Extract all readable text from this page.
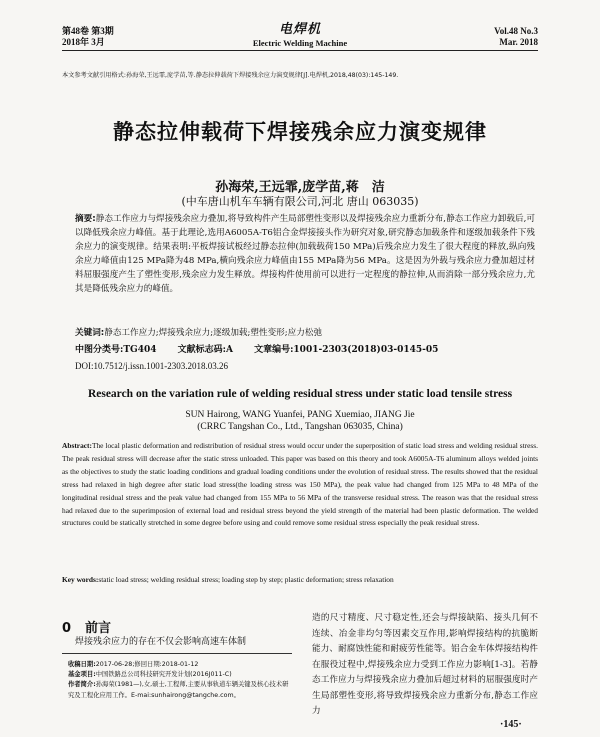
第48卷 第3期
2018年 3月
电焊机
Electric Welding Machine
Vol.48 No.3
Mar. 2018
本文参考文献引用格式:孙海荣,王远霏,庞学苗,等.静态拉伸载荷下焊接残余应力演变规律[J].电焊机,2018,48(03):145-149.
静态拉伸载荷下焊接残余应力演变规律
孙海荣,王远霏,庞学苗,蒋　洁
(中车唐山机车车辆有限公司,河北 唐山 063035)
摘要:静态工作应力与焊接残余应力叠加,将导致构件产生局部塑性变形以及焊接残余应力重新分布,静态工作应力卸载后,可以降低残余应力峰值。基于此理论,选用A6005A-T6铝合金焊接接头作为研究对象,研究静态加载条件和逐级加载条件下残余应力的演变规律。结果表明:平板焊接试板经过静态拉伸(加载载荷150 MPa)后残余应力发生了很大程度的释放,纵向残余应力峰值由125 MPa降为48 MPa,横向残余应力峰值由155 MPa降为56 MPa。这是因为外载与残余应力叠加超过材料屈服强度产生了塑性变形,残余应力发生释放。焊接构件使用前可以进行一定程度的静拉伸,从而消除一部分残余应力,尤其是降低残余应力的峰值。
关键词:静态工作应力;焊接残余应力;逐级加载;塑性变形;应力松弛
中图分类号:TG404 文献标志码:A 文章编号:1001-2303(2018)03-0145-05
DOI:10.7512/j.issn.1001-2303.2018.03.26
Research on the variation rule of welding residual stress under static load tensile stress
SUN Hairong, WANG Yuanfei, PANG Xuemiao, JIANG Jie
(CRRC Tangshan Co., Ltd., Tangshan 063035, China)
Abstract:The local plastic deformation and redistribution of residual stress would occur under the superposition of static load stress and welding residual stress. The peak residual stress will decrease after the static stress unloaded. This paper was based on this theory and took A6005A-T6 aluminum alloys welded joints as the objectives to study the static loading conditions and gradual loading conditions under the evolution of residual stress. The results showed that the residual stress had relaxed in high degree after static load stress(the loading stress was 150 MPa), the peak value had changed from 125 MPa to 48 MPa of the longitudinal residual stress and the peak value had changed from 155 MPa to 56 MPa of the transverse residual stress. The reason was that the residual stress had relaxed due to the superimposion of external load and residual stress beyond the yield strength of the material had been plastic deformation. The welded structures could be statically stretched in some degree before using and could remove some residual stress especially the peak residual stress.
Key words:static load stress; welding residual stress; loading step by step; plastic deformation; stress relaxation
0 前言
焊接残余应力的存在不仅会影响高速车体制
收稿日期:2017-06-28;修回日期:2018-01-12
基金项目:中国铁路总公司科技研究开发计划(2016J011-C)
作者简介:孙海荣(1981—),女,硕士,工程师,主要从事轨道车辆关键及核心技术研究及工程化应用工作。E-mai:sunhairong@tangche.com。
造的尺寸精度、尺寸稳定性,还会与焊接缺陷、接头几何不连续、冶金非均匀等因素交互作用,影响焊接结构的抗脆断能力、耐腐蚀性能和耐疲劳性能等。铝合金车体焊接结构件在服役过程中,焊接残余应力受到工作应力影响[1-3]。若静态工作应力与焊接残余应力叠加后超过材料的屈服强度时产生局部塑性变形,将导致焊接残余应力重新分布,静态工作应力
·145·
